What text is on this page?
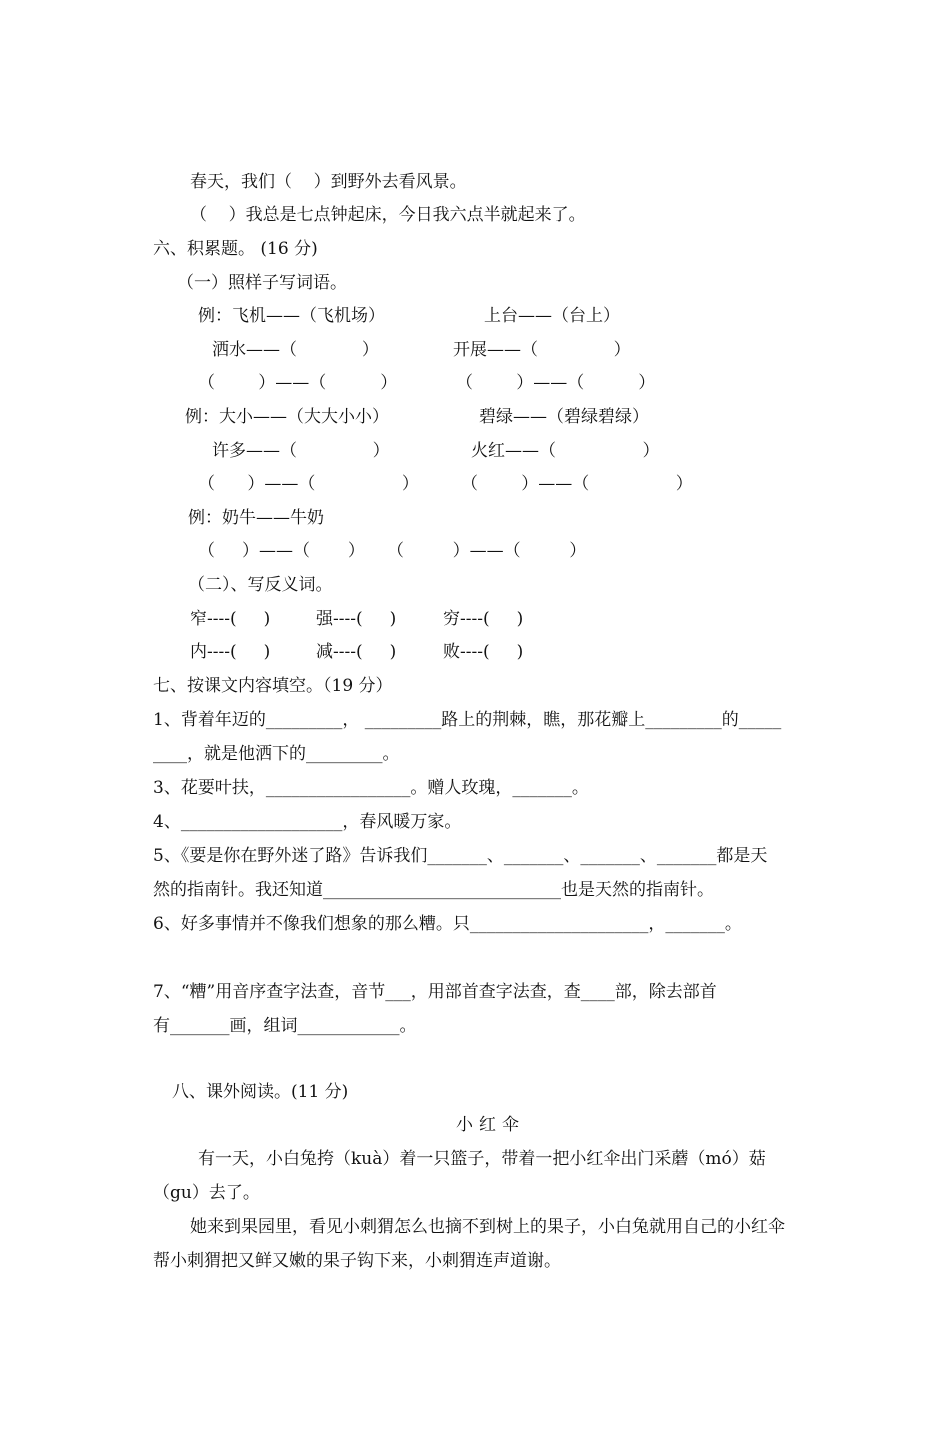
春天，我们（    ）到野外去看风景。
（    ）我总是七点钟起床，今日我六点半就起来了。
六、积累题。 (16 分)
（一）照样子写词语。
例：飞机——（飞机场）	上台——（台上）
洒水——（            ）	开展——（              ）
（        ）——（          ）	（        ）——（          ）
例：大小——（大大小小）	碧绿——（碧绿碧绿）
许多——（              ）	火红——（                ）
（      ）——（                ） （        ）——（                ）
例：奶牛——牛奶
（     ）——（       ） （         ）——（         ）
（二）、写反义词。
窄----(     )	强----(     )	穷----(     )
内----(     )	减----(     )	败----(     )
七、按课文内容填空。（19 分）
1、背着年迈的_________， _________路上的荆棘，瞧，那花瓣上_________的_____
____，就是他洒下的_________。
3、花要叶扶，_________________。赠人玫瑰，_______。
4、___________________，春风暖万家。
5、《要是你在野外迷了路》告诉我们_______、_______、_______、_______都是天
然的指南针。我还知道____________________________也是天然的指南针。
6、好多事情并不像我们想象的那么糟。只_____________________，_______。
7、“糟”用音序查字法查，音节___，用部首查字法查，查____部，除去部首
有_______画，组词____________。
八、课外阅读。(11 分)
小红伞
有一天，小白兔挎（kuà）着一只篮子，带着一把小红伞出门采蘑（mó）菇
（gu）去了。
她来到果园里，看见小刺猬怎么也摘不到树上的果子，小白兔就用自己的小红伞
帮小刺猬把又鲜又嫩的果子钩下来，小刺猬连声道谢。
